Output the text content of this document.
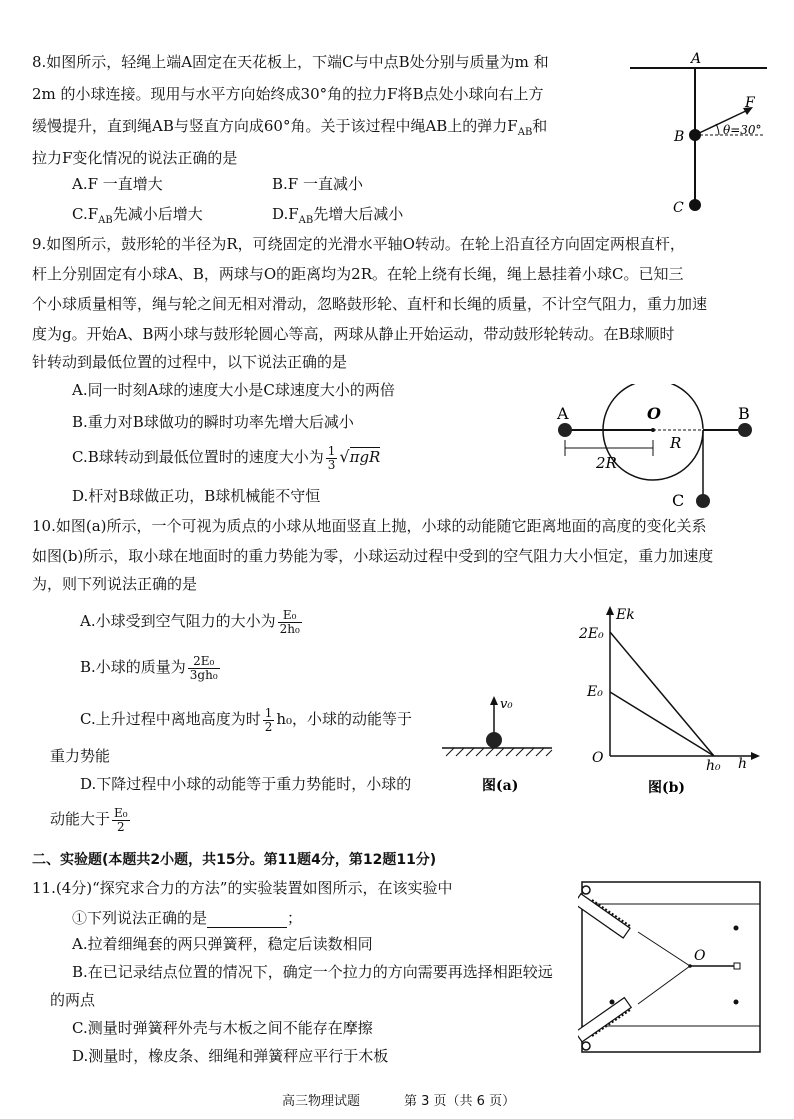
8.如图所示，轻绳上端A固定在天花板上，下端C与中点B处分别与质量为m 和
2m 的小球连接。现用与水平方向始终成30°角的拉力F将B点处小球向右上方
缓慢提升，直到绳AB与竖直方向成60°角。关于该过程中绳AB上的弹力$F_{AB}$和
拉力F变化情况的说法正确的是
A.F 一直增大	B.F 一直减小
$C.F_{AB}$先减小后增大	$D.F_{AB}$先增大后减小
A
B
F
θ=30°
C
9.如图所示，鼓形轮的半径为R，可绕固定的光滑水平轴O转动。在轮上沿直径方向固定两根直杆，
杆上分别固定有小球A、B，两球与O的距离均为2R。在轮上绕有长绳，绳上悬挂着小球C。已知三
个小球质量相等，绳与轮之间无相对滑动，忽略鼓形轮、直杆和长绳的质量，不计空气阻力，重力加速
度为g。开始A、B两小球与鼓形轮圆心等高，两球从静止开始运动，带动鼓形轮转动。在B球顺时
针转动到最低位置的过程中，以下说法正确的是
A.同一时刻A球的速度大小是C球速度大小的两倍
B.重力对B球做功的瞬时功率先增大后减小
C.B球转动到最低位置时的速度大小为 $\frac{1}{3} √\pi gR$
D.杆对B球做正功，B球机械能不守恒
A	B
O
R
C
2R
10.如图(a)所示，一个可视为质点的小球从地面竖直上抛，小球的动能随它距离地面的高度的变化关系
如图(b)所示，取小球在地面时的重力势能为零，小球运动过程中受到的空气阻力大小恒定，重力加速度
为，则下列说法正确的是
A.小球受到空气阻力的大小为 $\frac{\text{E₀}}{\text{2h₀}}$
B.小球的质量为 $\frac{\text{2E₀}}{\text{3gh₀}}$
C.上升过程中离地高度为时 $\frac{1}{2} h_0$，小球的动能等于
重力势能
D.下降过程中小球的动能等于重力势能时，小球的
动能大于 $\frac{\text{E₀}}{2}$
v₀
图(a)
Ek
2E₀
E₀
O	h₀ h
图(b)
二、实验题(本题共2小题，共15分。第11题4分，第12题11分)
11.(4分)“探究求合力的方法”的实验装置如图所示，在该实验中
①下列说法正确的是	；
A.拉着细绳套的两只弹簧秤，稳定后读数相同
B.在已记录结点位置的情况下，确定一个拉力的方向需要再选择相距较远
的两点
C.测量时弹簧秤外壳与木板之间不能存在摩擦
D.测量时，橡皮条、细绳和弹簧秤应平行于木板
O
高三物理试题	第 3 页（共 6 页）
